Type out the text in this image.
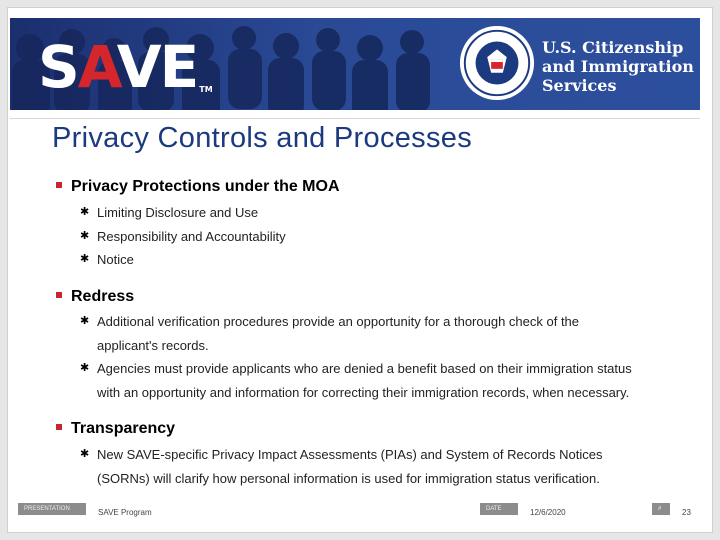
SAVE TM
U.S. Citizenship
and Immigration
Services
Privacy Controls and Processes
Privacy Protections under the MOA
✱ Limiting Disclosure and Use
✱ Responsibility and Accountability
✱ Notice
Redress
✱ Additional verification procedures provide an opportunity for a thorough check of the
applicant's records.
✱ Agencies must provide applicants who are denied a benefit based on their immigration status
with an opportunity and information for correcting their immigration records, when necessary.
Transparency
✱ New SAVE-specific Privacy Impact Assessments (PIAs) and System of Records Notices
(SORNs) will clarify how personal information is used for immigration status verification.
PRESENTATION	SAVE Program	DATE	12/6/2020	#	23
